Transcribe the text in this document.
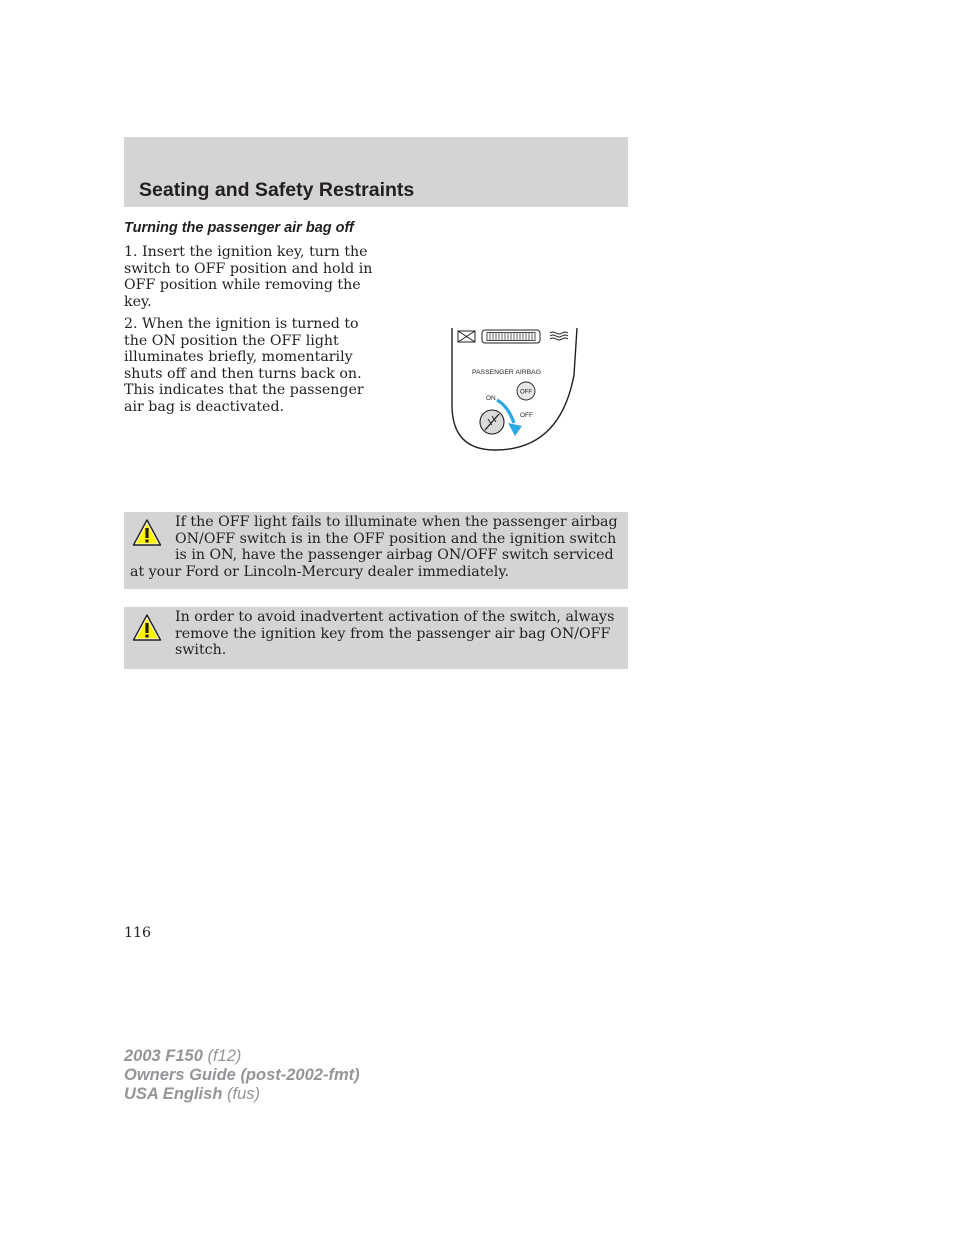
Seating and Safety Restraints
Turning the passenger air bag off

1. Insert the ignition key, turn the switch to OFF position and hold in OFF position while removing the key.

2. When the ignition is turned to the ON position the OFF light illuminates briefly, momentarily shuts off and then turns back on. This indicates that the passenger air bag is deactivated.

PASSENGER AIRBAG
ON
OFF
OFF

If the OFF light fails to illuminate when the passenger airbag ON/OFF switch is in the OFF position and the ignition switch is in ON, have the passenger airbag ON/OFF switch serviced at your Ford or Lincoln-Mercury dealer immediately.

In order to avoid inadvertent activation of the switch, always remove the ignition key from the passenger air bag ON/OFF switch.

116

2003 F150 (f12)
Owners Guide (post-2002-fmt)
USA English (fus)
